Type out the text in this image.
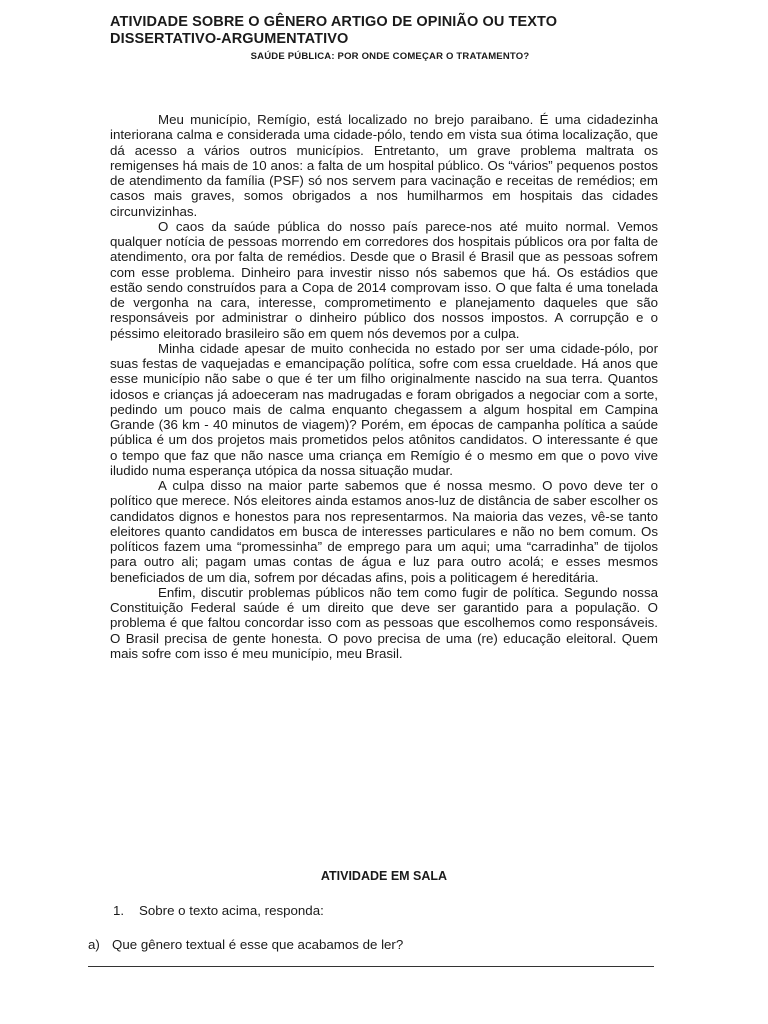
ATIVIDADE SOBRE O GÊNERO ARTIGO DE OPINIÃO OU TEXTO DISSERTATIVO-ARGUMENTATIVO
SAÚDE PÚBLICA: POR ONDE COMEÇAR O TRATAMENTO?

Meu município, Remígio, está localizado no brejo paraibano. É uma cidadezinha interiorana calma e considerada uma cidade-pólo, tendo em vista sua ótima localização, que dá acesso a vários outros municípios. Entretanto, um grave problema maltrata os remigenses há mais de 10 anos: a falta de um hospital público. Os “vários” pequenos postos de atendimento da família (PSF) só nos servem para vacinação e receitas de remédios; em casos mais graves, somos obrigados a nos humilharmos em hospitais das cidades circunvizinhas.

O caos da saúde pública do nosso país parece-nos até muito normal. Vemos qualquer notícia de pessoas morrendo em corredores dos hospitais públicos ora por falta de atendimento, ora por falta de remédios. Desde que o Brasil é Brasil que as pessoas sofrem com esse problema. Dinheiro para investir nisso nós sabemos que há. Os estádios que estão sendo construídos para a Copa de 2014 comprovam isso. O que falta é uma tonelada de vergonha na cara, interesse, comprometimento e planejamento daqueles que são responsáveis por administrar o dinheiro público dos nossos impostos. A corrupção e o péssimo eleitorado brasileiro são em quem nós devemos por a culpa.

Minha cidade apesar de muito conhecida no estado por ser uma cidade-pólo, por suas festas de vaquejadas e emancipação política, sofre com essa crueldade. Há anos que esse município não sabe o que é ter um filho originalmente nascido na sua terra. Quantos idosos e crianças já adoeceram nas madrugadas e foram obrigados a negociar com a sorte, pedindo um pouco mais de calma enquanto chegassem a algum hospital em Campina Grande (36 km - 40 minutos de viagem)? Porém, em épocas de campanha política a saúde pública é um dos projetos mais prometidos pelos atônitos candidatos. O interessante é que o tempo que faz que não nasce uma criança em Remígio é o mesmo em que o povo vive iludido numa esperança utópica da nossa situação mudar.

A culpa disso na maior parte sabemos que é nossa mesmo. O povo deve ter o político que merece. Nós eleitores ainda estamos anos-luz de distância de saber escolher os candidatos dignos e honestos para nos representarmos. Na maioria das vezes, vê-se tanto eleitores quanto candidatos em busca de interesses particulares e não no bem comum. Os políticos fazem uma “promessinha” de emprego para um aqui; uma “carradinha” de tijolos para outro ali; pagam umas contas de água e luz para outro acolá; e esses mesmos beneficiados de um dia, sofrem por décadas afins, pois a politicagem é hereditária.

Enfim, discutir problemas públicos não tem como fugir de política. Segundo nossa Constituição Federal saúde é um direito que deve ser garantido para a população. O problema é que faltou concordar isso com as pessoas que escolhemos como responsáveis. O Brasil precisa de gente honesta. O povo precisa de uma (re) educação eleitoral. Quem mais sofre com isso é meu município, meu Brasil.

ATIVIDADE EM SALA
1. Sobre o texto acima, responda:
a) Que gênero textual é esse que acabamos de ler?
